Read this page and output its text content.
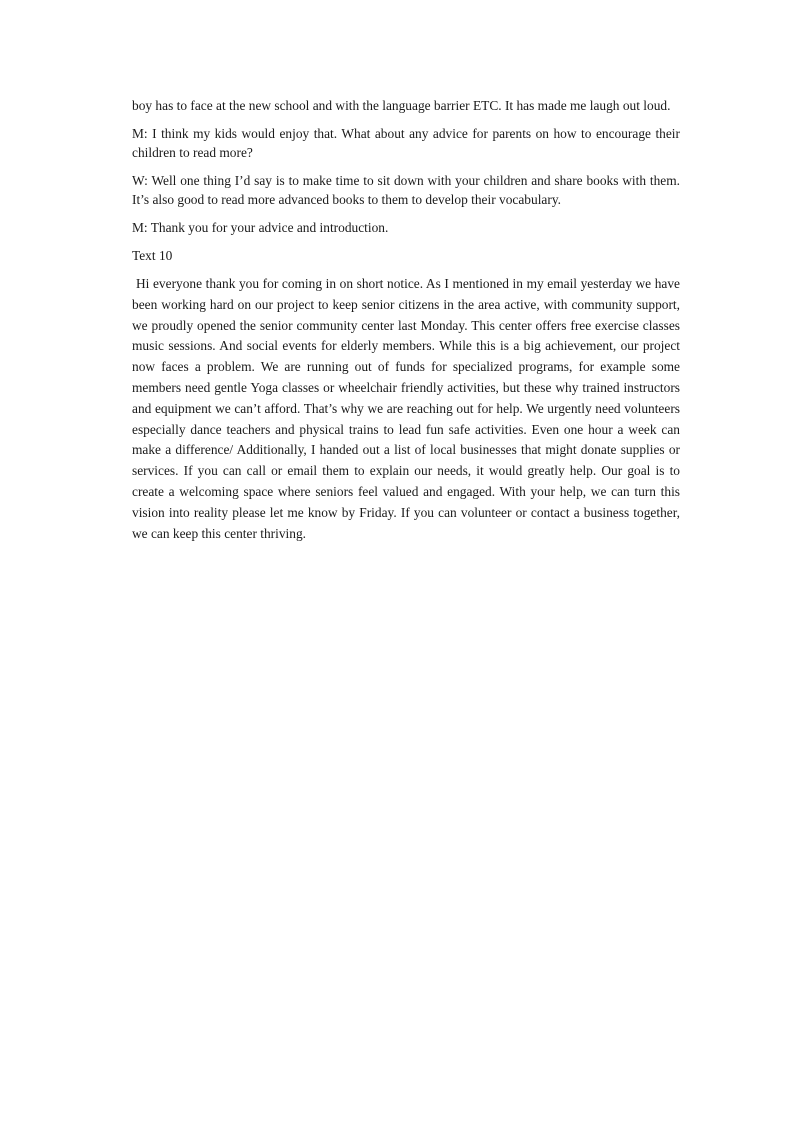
boy has to face at the new school and with the language barrier ETC. It has made me laugh out loud.

M: I think my kids would enjoy that. What about any advice for parents on how to encourage their children to read more?

W: Well one thing I’d say is to make time to sit down with your children and share books with them. It’s also good to read more advanced books to them to develop their vocabulary.

M: Thank you for your advice and introduction.

Text 10

Hi everyone thank you for coming in on short notice. As I mentioned in my email yesterday we have been working hard on our project to keep senior citizens in the area active, with community support, we proudly opened the senior community center last Monday. This center offers free exercise classes music sessions. And social events for elderly members. While this is a big achievement, our project now faces a problem. We are running out of funds for specialized programs, for example some members need gentle Yoga classes or wheelchair friendly activities, but these why trained instructors and equipment we can’t afford. That’s why we are reaching out for help. We urgently need volunteers especially dance teachers and physical trains to lead fun safe activities. Even one hour a week can make a difference/ Additionally, I handed out a list of local businesses that might donate supplies or services. If you can call or email them to explain our needs, it would greatly help. Our goal is to create a welcoming space where seniors feel valued and engaged. With your help, we can turn this vision into reality please let me know by Friday. If you can volunteer or contact a business together, we can keep this center thriving.
